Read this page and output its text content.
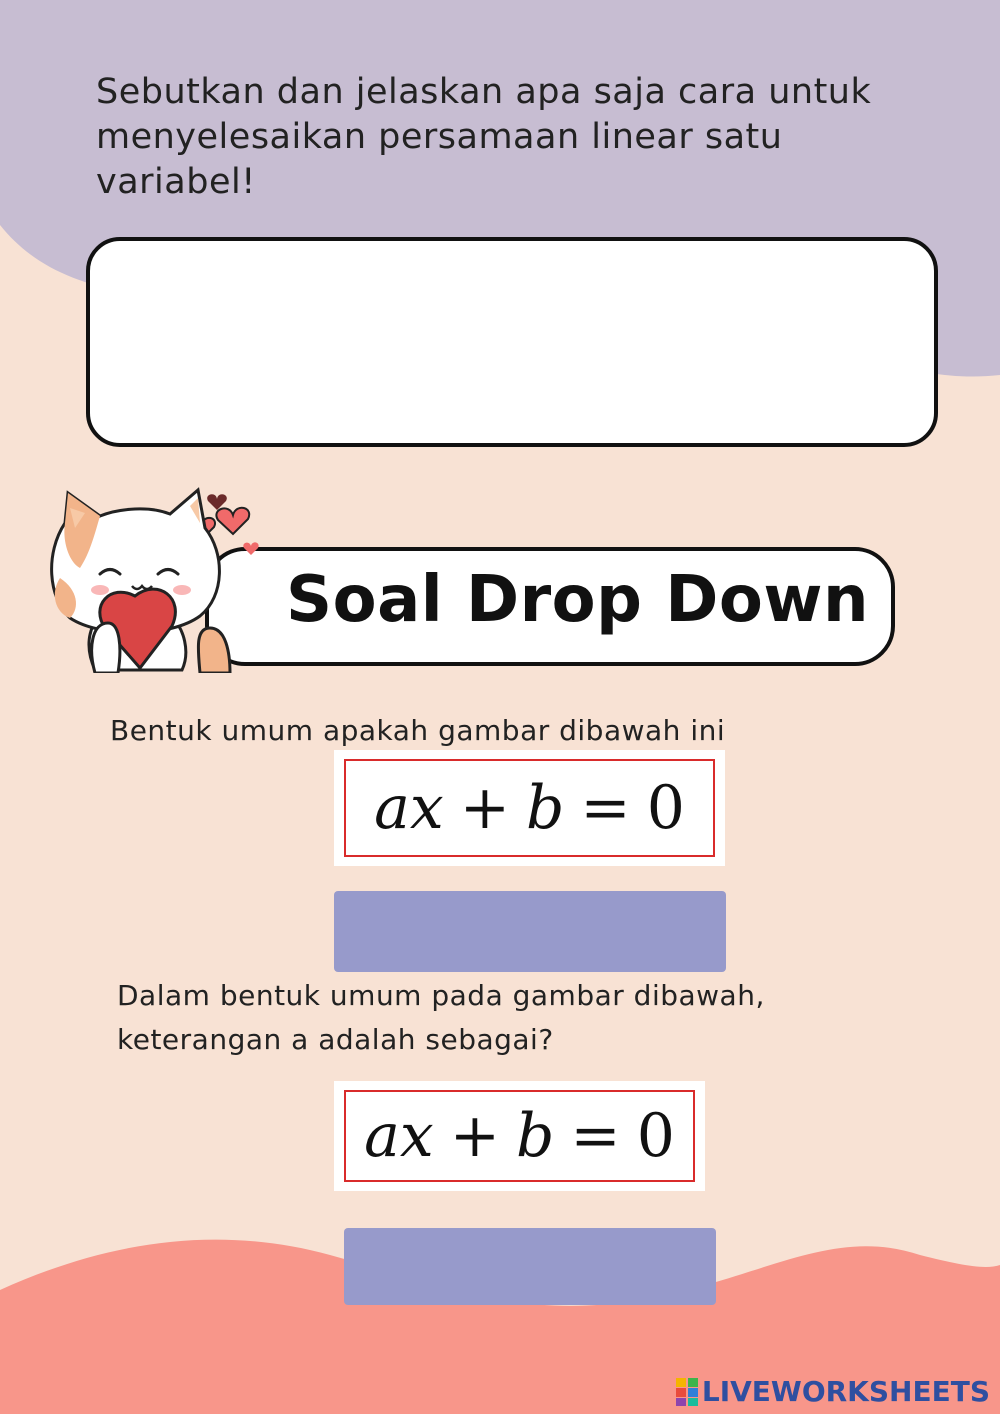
Sebutkan dan jelaskan apa saja cara untuk menyelesaikan persamaan linear satu variabel!
Soal Drop Down
Bentuk umum apakah gambar dibawah ini
ax + b = 0
Dalam bentuk umum pada gambar dibawah,
keterangan a adalah sebagai?
ax + b = 0
LIVEWORKSHEETS
